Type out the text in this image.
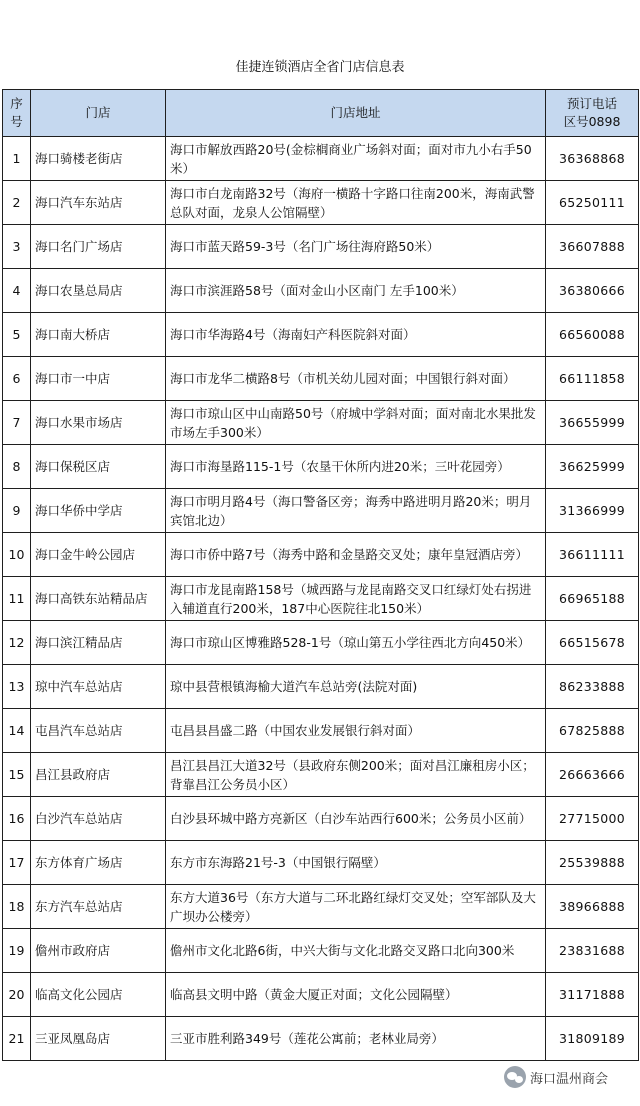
佳捷连锁酒店全省门店信息表
序
号	门店	门店地址	预订电话
区号0898
1	海口骑楼老街店	海口市解放西路20号(金棕榈商业广场斜对面；面对市九小右手50米）	36368868
2	海口汽车东站店	海口市白龙南路32号（海府一横路十字路口往南200米，海南武警总队对面，龙泉人公馆隔壁）	65250111
3	海口名门广场店	海口市蓝天路59-3号（名门广场往海府路50米）	36607888
4	海口农垦总局店	海口市滨涯路58号（面对金山小区南门 左手100米）	36380666
5	海口南大桥店	海口市华海路4号（海南妇产科医院斜对面）	66560088
6	海口市一中店	海口市龙华二横路8号（市机关幼儿园对面；中国银行斜对面）	66111858
7	海口水果市场店	海口市琼山区中山南路50号（府城中学斜对面；面对南北水果批发市场左手300米）	36655999
8	海口保税区店	海口市海垦路115-1号（农垦干休所内进20米；三叶花园旁）	36625999
9	海口华侨中学店	海口市明月路4号（海口警备区旁；海秀中路进明月路20米；明月宾馆北边）	31366999
10	海口金牛岭公园店	海口市侨中路7号（海秀中路和金垦路交叉处；康年皇冠酒店旁）	36611111
11	海口高铁东站精品店	海口市龙昆南路158号（城西路与龙昆南路交叉口红绿灯处右拐进入辅道直行200米，187中心医院往北150米）	66965188
12	海口滨江精品店	海口市琼山区博雅路528-1号（琼山第五小学往西北方向450米）	66515678
13	琼中汽车总站店	琼中县营根镇海榆大道汽车总站旁(法院对面)	86233888
14	屯昌汽车总站店	屯昌县昌盛二路（中国农业发展银行斜对面）	67825888
15	昌江县政府店	昌江县昌江大道32号（县政府东侧200米；面对昌江廉租房小区；背靠昌江公务员小区）	26663666
16	白沙汽车总站店	白沙县环城中路方亮新区（白沙车站西行600米；公务员小区前）	27715000
17	东方体育广场店	东方市东海路21号-3（中国银行隔壁）	25539888
18	东方汽车总站店	东方大道36号（东方大道与二环北路红绿灯交叉处；空军部队及大广坝办公楼旁）	38966888
19	儋州市政府店	儋州市文化北路6街，中兴大街与文化北路交叉路口北向300米	23831688
20	临高文化公园店	临高县文明中路（黄金大厦正对面；文化公园隔壁）	31171888
21	三亚凤凰岛店	三亚市胜利路349号（莲花公寓前；老林业局旁）	31809189
海口温州商会
